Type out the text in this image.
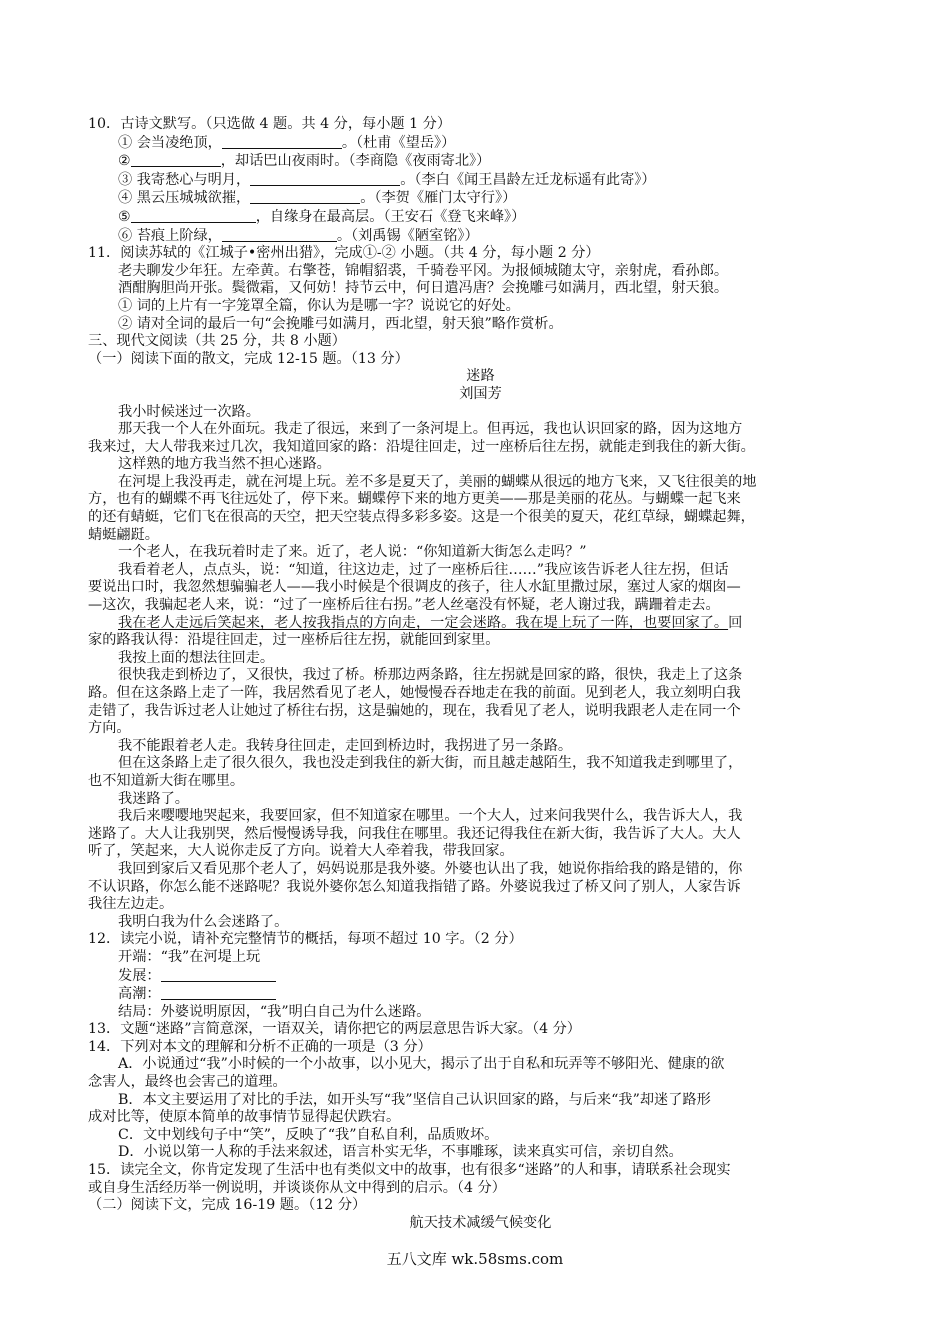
10．古诗文默写。（只选做 4 题。共 4 分，每小题 1 分）
① 会当凌绝顶，	。（杜甫《望岳》）
②	，却话巴山夜雨时。（李商隐《夜雨寄北》）
③ 我寄愁心与明月，	。（李白《闻王昌龄左迁龙标遥有此寄》）
④ 黑云压城城欲摧，	。（李贺《雁门太守行》）
⑤	，自缘身在最高层。（王安石《登飞来峰》）
⑥ 苔痕上阶绿，	。（刘禹锡《陋室铭》）
11．阅读苏轼的《江城子•密州出猎》，完成①-② 小题。（共 4 分，每小题 2 分）
老夫聊发少年狂。左牵黄。右擎苍，锦帽貂裘，千骑卷平冈。为报倾城随太守，亲射虎，看孙郎。
酒酣胸胆尚开张。鬓微霜，又何妨！持节云中，何日遣冯唐？会挽雕弓如满月，西北望，射天狼。
① 词的上片有一字笼罩全篇，你认为是哪一字？说说它的好处。
② 请对全词的最后一句“会挽雕弓如满月，西北望，射天狼”略作赏析。
三、现代文阅读（共 25 分，共 8 小题）
（一）阅读下面的散文，完成 12-15 题。（13 分）
迷路
刘国芳
我小时候迷过一次路。
那天我一个人在外面玩。我走了很远，来到了一条河堤上。但再远，我也认识回家的路，因为这地方
我来过，大人带我来过几次，我知道回家的路：沿堤往回走，过一座桥后往左拐，就能走到我住的新大街。
这样熟的地方我当然不担心迷路。
在河堤上我没再走，就在河堤上玩。差不多是夏天了，美丽的蝴蝶从很远的地方飞来，又飞往很美的地
方，也有的蝴蝶不再飞往远处了，停下来。蝴蝶停下来的地方更美——那是美丽的花丛。与蝴蝶一起飞来
的还有蜻蜓，它们飞在很高的天空，把天空装点得多彩多姿。这是一个很美的夏天，花红草绿，蝴蝶起舞，
蜻蜓翩跹。
一个老人，在我玩着时走了来。近了，老人说：“你知道新大街怎么走吗？”
我看着老人，点点头，说：“知道，往这边走，过了一座桥后往……”我应该告诉老人往左拐，但话
要说出口时，我忽然想骗骗老人——我小时候是个很调皮的孩子，往人水缸里撒过尿，塞过人家的烟囱—
—这次，我骗起老人来，说：“过了一座桥后往右拐。”老人丝毫没有怀疑，老人谢过我，蹒跚着走去。
我在老人走远后笑起来，老人按我指点的方向走，一定会迷路。我在堤上玩了一阵，也要回家了。回
家的路我认得：沿堤往回走，过一座桥后往左拐，就能回到家里。
我按上面的想法往回走。
很快我走到桥边了，又很快，我过了桥。桥那边两条路，往左拐就是回家的路，很快，我走上了这条
路。但在这条路上走了一阵，我居然看见了老人，她慢慢吞吞地走在我的前面。见到老人，我立刻明白我
走错了，我告诉过老人让她过了桥往右拐，这是骗她的，现在，我看见了老人，说明我跟老人走在同一个
方向。
我不能跟着老人走。我转身往回走，走回到桥边时，我拐进了另一条路。
但在这条路上走了很久很久，我也没走到我住的新大街，而且越走越陌生，我不知道我走到哪里了，
也不知道新大街在哪里。
我迷路了。
我后来嘤嘤地哭起来，我要回家，但不知道家在哪里。一个大人，过来问我哭什么，我告诉大人，我
迷路了。大人让我别哭，然后慢慢诱导我，问我住在哪里。我还记得我住在新大街，我告诉了大人。大人
听了，笑起来，大人说你走反了方向。说着大人牵着我，带我回家。
我回到家后又看见那个老人了，妈妈说那是我外婆。外婆也认出了我，她说你指给我的路是错的，你
不认识路，你怎么能不迷路呢？我说外婆你怎么知道我指错了路。外婆说我过了桥又问了别人，人家告诉
我往左边走。
我明白我为什么会迷路了。
12．读完小说，请补充完整情节的概括，每项不超过 10 字。（2 分）
开端：“我”在河堤上玩
发展：
高潮：
结局：外婆说明原因，“我”明白自己为什么迷路。
13．文题“迷路”言简意深，一语双关，请你把它的两层意思告诉大家。（4 分）
14．下列对本文的理解和分析不正确的一项是（3 分）
A．小说通过“我”小时候的一个小故事，以小见大，揭示了出于自私和玩弄等不够阳光、健康的欲
念害人，最终也会害己的道理。
B．本文主要运用了对比的手法，如开头写“我”坚信自己认识回家的路，与后来“我”却迷了路形
成对比等，使原本简单的故事情节显得起伏跌宕。
C．文中划线句子中“笑”，反映了“我”自私自利，品质败坏。
D．小说以第一人称的手法来叙述，语言朴实无华，不事雕琢，读来真实可信，亲切自然。
15．读完全文，你肯定发现了生活中也有类似文中的故事，也有很多“迷路”的人和事，请联系社会现实
或自身生活经历举一例说明，并谈谈你从文中得到的启示。（4 分）
（二）阅读下文，完成 16-19 题。（12 分）
航天技术减缓气候变化
五八文库 wk.58sms.com
